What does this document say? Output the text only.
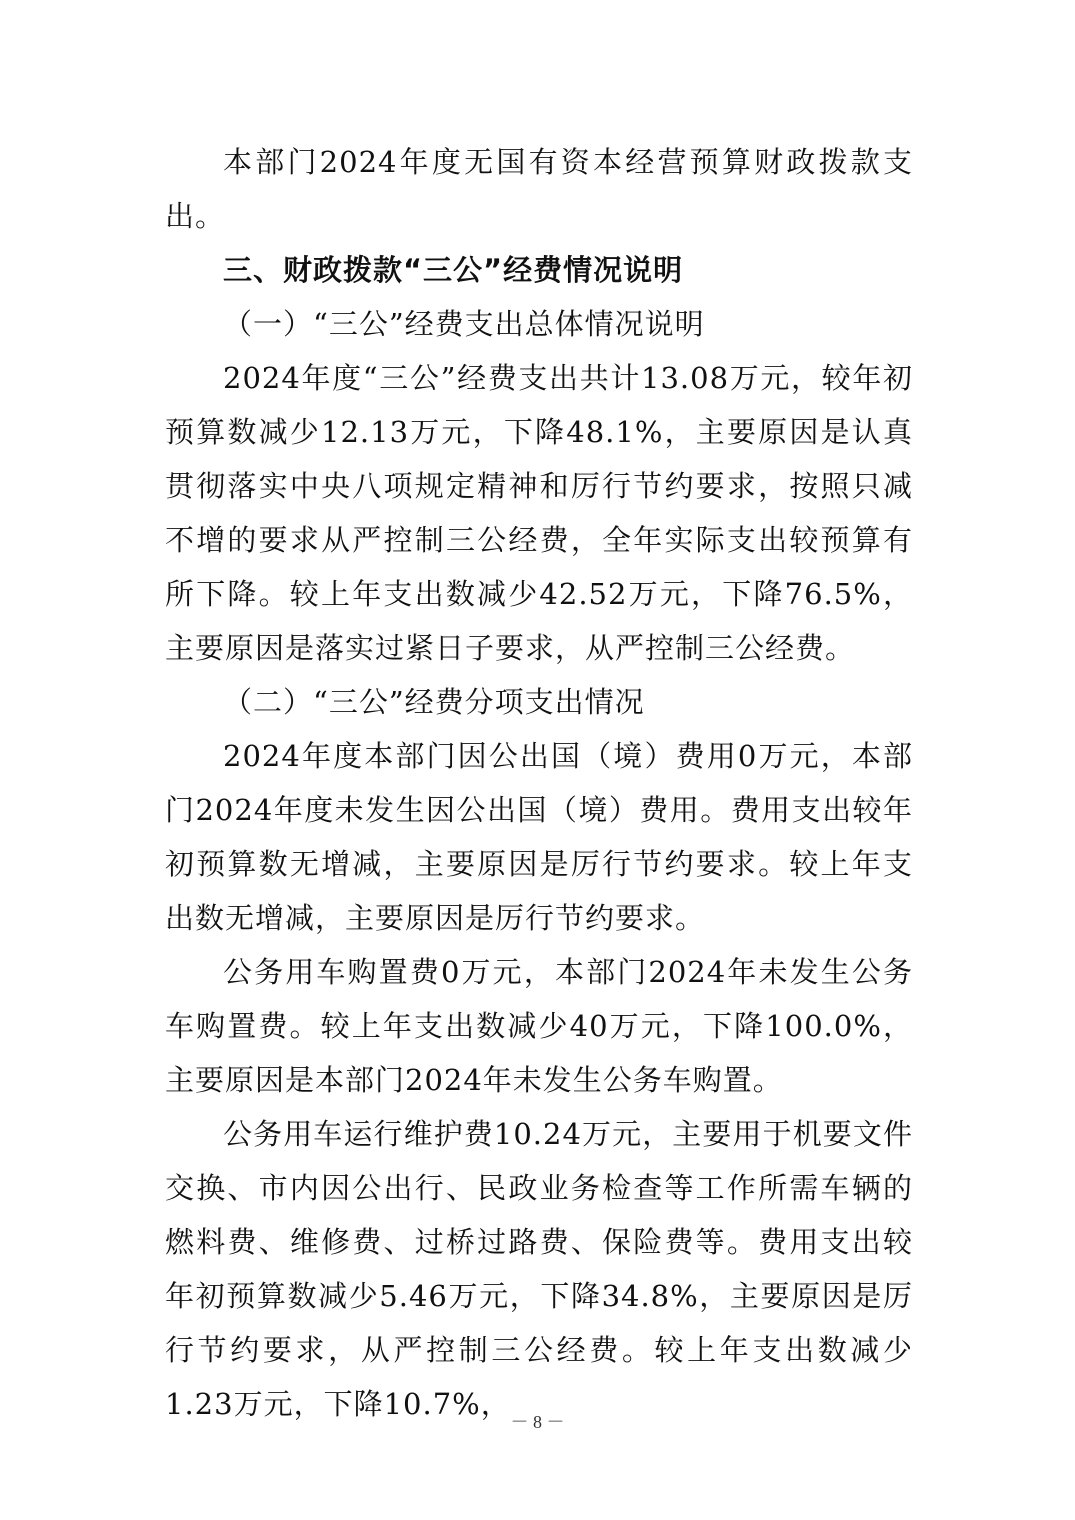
本部门2024年度无国有资本经营预算财政拨款支出。

三、财政拨款“三公”经费情况说明

（一）“三公”经费支出总体情况说明

2024年度“三公”经费支出共计13.08万元，较年初预算数减少12.13万元，下降48.1%，主要原因是认真贯彻落实中央八项规定精神和厉行节约要求，按照只减不增的要求从严控制三公经费，全年实际支出较预算有所下降。较上年支出数减少42.52万元，下降76.5%，主要原因是落实过紧日子要求，从严控制三公经费。

（二）“三公”经费分项支出情况

2024年度本部门因公出国（境）费用0万元，本部门2024年度未发生因公出国（境）费用。费用支出较年初预算数无增减，主要原因是厉行节约要求。较上年支出数无增减，主要原因是厉行节约要求。

公务用车购置费0万元，本部门2024年未发生公务车购置费。较上年支出数减少40万元，下降100.0%，主要原因是本部门2024年未发生公务车购置。

公务用车运行维护费10.24万元，主要用于机要文件交换、市内因公出行、民政业务检查等工作所需车辆的燃料费、维修费、过桥过路费、保险费等。费用支出较年初预算数减少5.46万元，下降34.8%，主要原因是厉行节约要求，从严控制三公经费。较上年支出数减少1.23万元，下降10.7%，

－ 8 －
